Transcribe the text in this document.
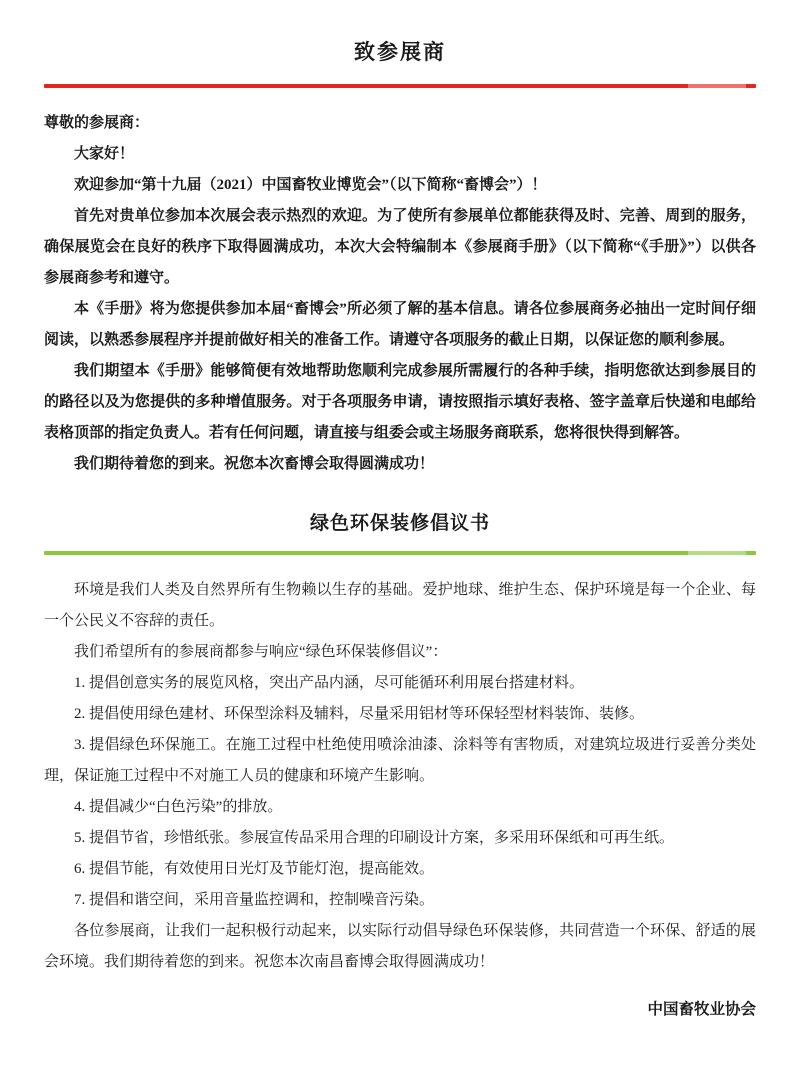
致参展商

尊敬的参展商：

大家好！

欢迎参加“第十九届（2021）中国畜牧业博览会”（以下简称“畜博会”）！

首先对贵单位参加本次展会表示热烈的欢迎。为了使所有参展单位都能获得及时、完善、周到的服务，确保展览会在良好的秩序下取得圆满成功，本次大会特编制本《参展商手册》（以下简称“《手册》”）以供各参展商参考和遵守。

本《手册》将为您提供参加本届“畜博会”所必须了解的基本信息。请各位参展商务必抽出一定时间仔细阅读，以熟悉参展程序并提前做好相关的准备工作。请遵守各项服务的截止日期，以保证您的顺利参展。

我们期望本《手册》能够简便有效地帮助您顺利完成参展所需履行的各种手续，指明您欲达到参展目的的路径以及为您提供的多种增值服务。对于各项服务申请，请按照指示填好表格、签字盖章后快递和电邮给表格顶部的指定负责人。若有任何问题，请直接与组委会或主场服务商联系，您将很快得到解答。

我们期待着您的到来。祝您本次畜博会取得圆满成功！

绿色环保装修倡议书

环境是我们人类及自然界所有生物赖以生存的基础。爱护地球、维护生态、保护环境是每一个企业、每一个公民义不容辞的责任。

我们希望所有的参展商都参与响应“绿色环保装修倡议”：

1. 提倡创意实务的展览风格，突出产品内涵，尽可能循环利用展台搭建材料。

2. 提倡使用绿色建材、环保型涂料及辅料，尽量采用铝材等环保轻型材料装饰、装修。

3. 提倡绿色环保施工。在施工过程中杜绝使用喷涂油漆、涂料等有害物质，对建筑垃圾进行妥善分类处理，保证施工过程中不对施工人员的健康和环境产生影响。

4. 提倡减少“白色污染”的排放。

5. 提倡节省，珍惜纸张。参展宣传品采用合理的印刷设计方案，多采用环保纸和可再生纸。

6. 提倡节能，有效使用日光灯及节能灯泡，提高能效。

7. 提倡和谐空间，采用音量监控调和，控制噪音污染。

各位参展商，让我们一起积极行动起来，以实际行动倡导绿色环保装修，共同营造一个环保、舒适的展会环境。我们期待着您的到来。祝您本次南昌畜博会取得圆满成功！

中国畜牧业协会
